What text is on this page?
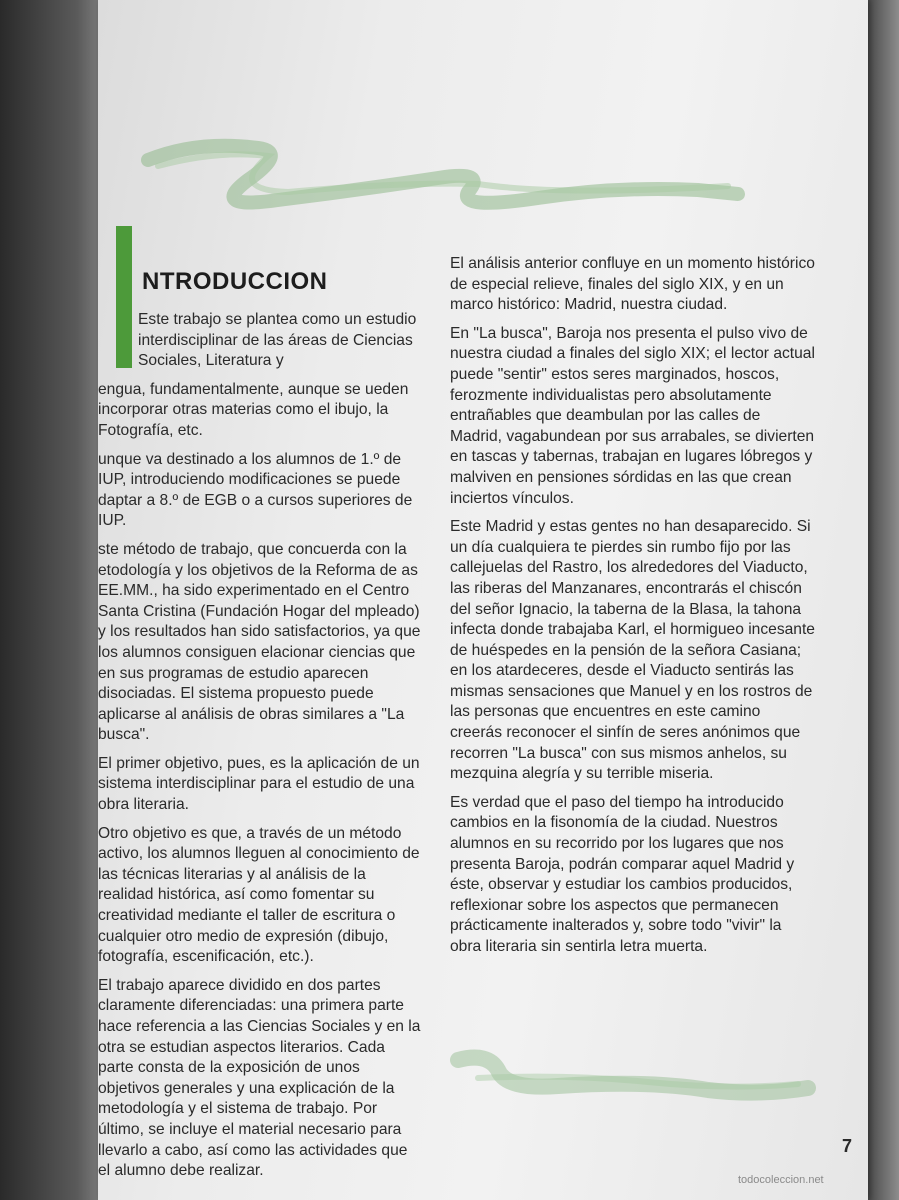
NTRODUCCION

Este trabajo se plantea como un estudio interdisciplinar de las áreas de Ciencias Sociales, Literatura y

engua, fundamentalmente, aunque se ueden incorporar otras materias como el ibujo, la Fotografía, etc.

unque va destinado a los alumnos de 1.º de IUP, introduciendo modificaciones se puede daptar a 8.º de EGB o a cursos superiores de IUP.

ste método de trabajo, que concuerda con la etodología y los objetivos de la Reforma de as EE.MM., ha sido experimentado en el Centro Santa Cristina (Fundación Hogar del mpleado) y los resultados han sido satisfactorios, ya que los alumnos consiguen elacionar ciencias que en sus programas de estudio aparecen disociadas. El sistema propuesto puede aplicarse al análisis de obras similares a "La busca".

El primer objetivo, pues, es la aplicación de un sistema interdisciplinar para el estudio de una obra literaria.

Otro objetivo es que, a través de un método activo, los alumnos lleguen al conocimiento de las técnicas literarias y al análisis de la realidad histórica, así como fomentar su creatividad mediante el taller de escritura o cualquier otro medio de expresión (dibujo, fotografía, escenificación, etc.).

El trabajo aparece dividido en dos partes claramente diferenciadas: una primera parte hace referencia a las Ciencias Sociales y en la otra se estudian aspectos literarios. Cada parte consta de la exposición de unos objetivos generales y una explicación de la metodología y el sistema de trabajo. Por último, se incluye el material necesario para llevarlo a cabo, así como las actividades que el alumno debe realizar.

El análisis anterior confluye en un momento histórico de especial relieve, finales del siglo XIX, y en un marco histórico: Madrid, nuestra ciudad.

En "La busca", Baroja nos presenta el pulso vivo de nuestra ciudad a finales del siglo XIX; el lector actual puede "sentir" estos seres marginados, hoscos, ferozmente individualistas pero absolutamente entrañables que deambulan por las calles de Madrid, vagabundean por sus arrabales, se divierten en tascas y tabernas, trabajan en lugares lóbregos y malviven en pensiones sórdidas en las que crean inciertos vínculos.

Este Madrid y estas gentes no han desaparecido. Si un día cualquiera te pierdes sin rumbo fijo por las callejuelas del Rastro, los alrededores del Viaducto, las riberas del Manzanares, encontrarás el chiscón del señor Ignacio, la taberna de la Blasa, la tahona infecta donde trabajaba Karl, el hormigueo incesante de huéspedes en la pensión de la señora Casiana; en los atardeceres, desde el Viaducto sentirás las mismas sensaciones que Manuel y en los rostros de las personas que encuentres en este camino creerás reconocer el sinfín de seres anónimos que recorren "La busca" con sus mismos anhelos, su mezquina alegría y su terrible miseria.

Es verdad que el paso del tiempo ha introducido cambios en la fisonomía de la ciudad. Nuestros alumnos en su recorrido por los lugares que nos presenta Baroja, podrán comparar aquel Madrid y éste, observar y estudiar los cambios producidos, reflexionar sobre los aspectos que permanecen prácticamente inalterados y, sobre todo "vivir" la obra literaria sin sentirla letra muerta.

7
todocoleccion.net
